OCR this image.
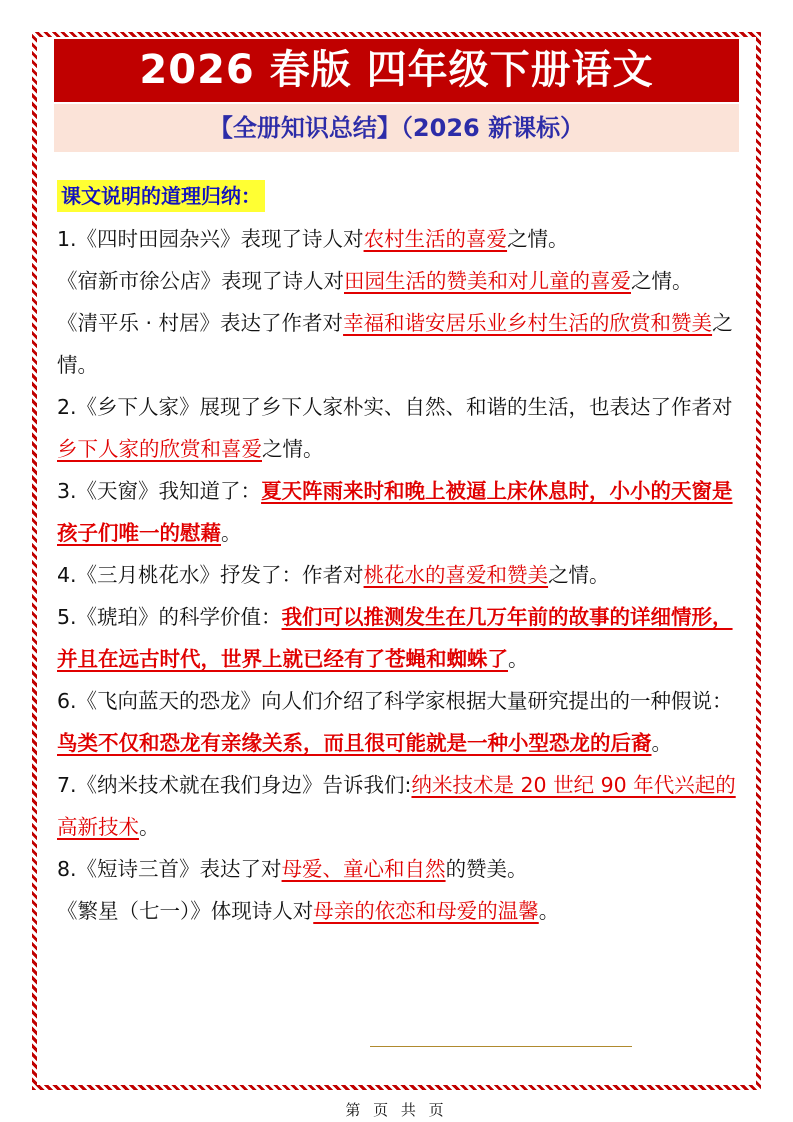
2026 春版 四年级下册语文
【全册知识总结】（2026 新课标）
课文说明的道理归纳：

1.《四时田园杂兴》表现了诗人对农村生活的喜爱之情。

《宿新市徐公店》表现了诗人对田园生活的赞美和对儿童的喜爱之情。

《清平乐 · 村居》表达了作者对幸福和谐安居乐业乡村生活的欣赏和赞美之情。

2.《乡下人家》展现了乡下人家朴实、自然、和谐的生活，也表达了作者对乡下人家的欣赏和喜爱之情。

3.《天窗》我知道了：夏天阵雨来时和晚上被逼上床休息时，小小的天窗是孩子们唯一的慰藉。

4.《三月桃花水》抒发了：作者对桃花水的喜爱和赞美之情。

5.《琥珀》的科学价值：我们可以推测发生在几万年前的故事的详细情形，并且在远古时代，世界上就已经有了苍蝇和蜘蛛了。

6.《飞向蓝天的恐龙》向人们介绍了科学家根据大量研究提出的一种假说：鸟类不仅和恐龙有亲缘关系，而且很可能就是一种小型恐龙的后裔。

7.《纳米技术就在我们身边》告诉我们:纳米技术是 20 世纪 90 年代兴起的高新技术。

8.《短诗三首》表达了对母爱、童心和自然的赞美。

《繁星（七一）》体现诗人对母亲的依恋和母爱的温馨。

第 页 共 页
